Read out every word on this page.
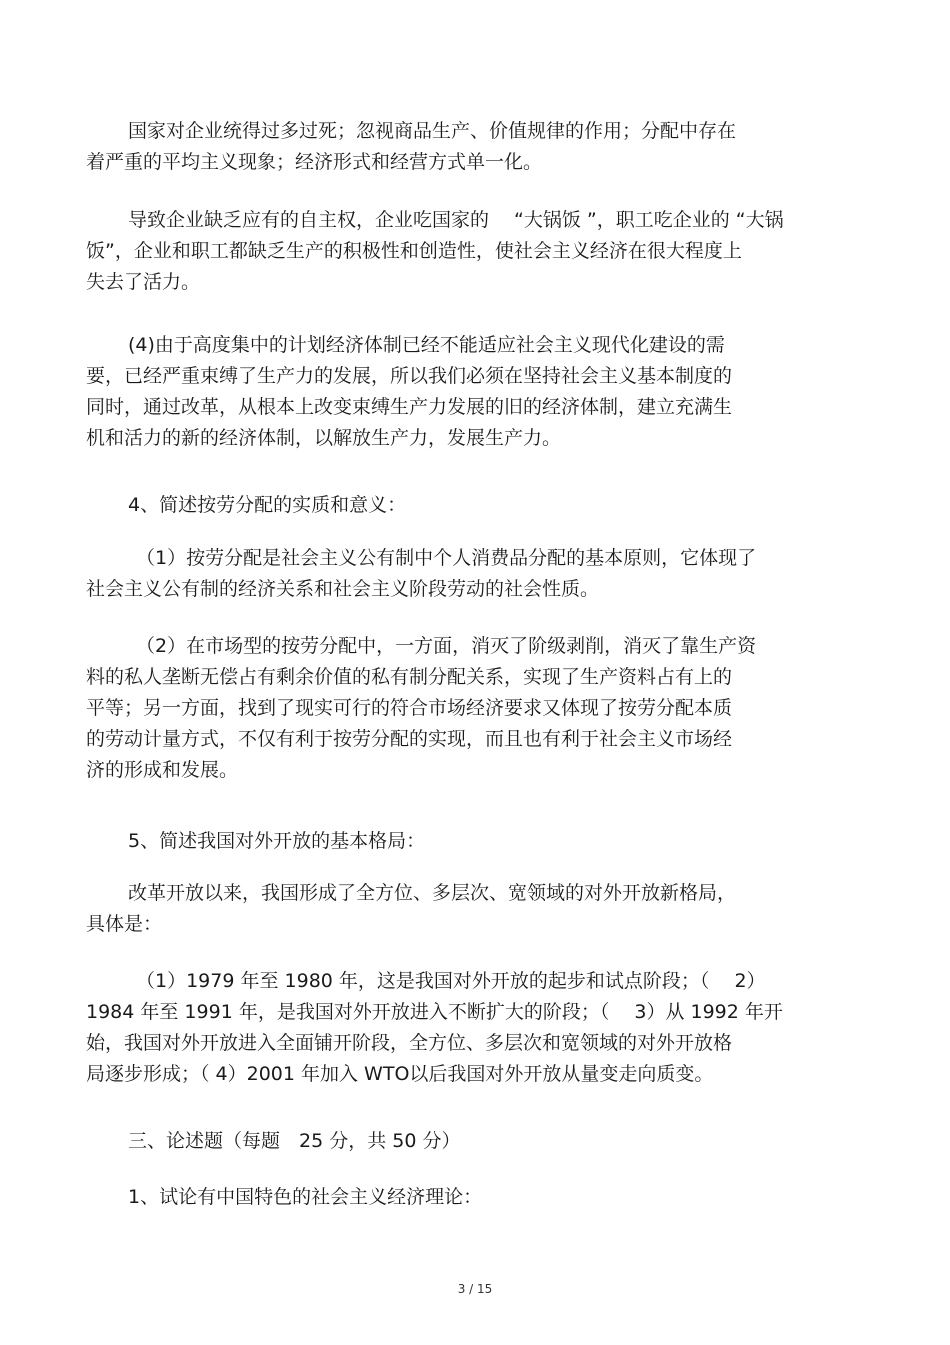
国家对企业统得过多过死；忽视商品生产、价值规律的作用；分配中存在
着严重的平均主义现象；经济形式和经营方式单一化。

导致企业缺乏应有的自主权，企业吃国家的　 “大锅饭 ”，职工吃企业的 “大锅
饭”，企业和职工都缺乏生产的积极性和创造性，使社会主义经济在很大程度上
失去了活力。

(4)由于高度集中的计划经济体制已经不能适应社会主义现代化建设的需
要，已经严重束缚了生产力的发展，所以我们必须在坚持社会主义基本制度的
同时，通过改革，从根本上改变束缚生产力发展的旧的经济体制，建立充满生
机和活力的新的经济体制，以解放生产力，发展生产力。

4、简述按劳分配的实质和意义：

（1）按劳分配是社会主义公有制中个人消费品分配的基本原则，它体现了
社会主义公有制的经济关系和社会主义阶段劳动的社会性质。

（2）在市场型的按劳分配中，一方面，消灭了阶级剥削，消灭了靠生产资
料的私人垄断无偿占有剩余价值的私有制分配关系，实现了生产资料占有上的
平等；另一方面，找到了现实可行的符合市场经济要求又体现了按劳分配本质
的劳动计量方式，不仅有利于按劳分配的实现，而且也有利于社会主义市场经
济的形成和发展。

5、简述我国对外开放的基本格局：

改革开放以来，我国形成了全方位、多层次、宽领域的对外开放新格局，
具体是：

（1）1979 年至 1980 年，这是我国对外开放的起步和试点阶段；（　 2）
1984 年至 1991 年，是我国对外开放进入不断扩大的阶段；（　 3）从 1992 年开
始，我国对外开放进入全面铺开阶段，全方位、多层次和宽领域的对外开放格
局逐步形成；（ 4）2001 年加入 WTO以后我国对外开放从量变走向质变。

三、论述题（每题　25 分，共 50 分）

1、试论有中国特色的社会主义经济理论：

3 / 15
